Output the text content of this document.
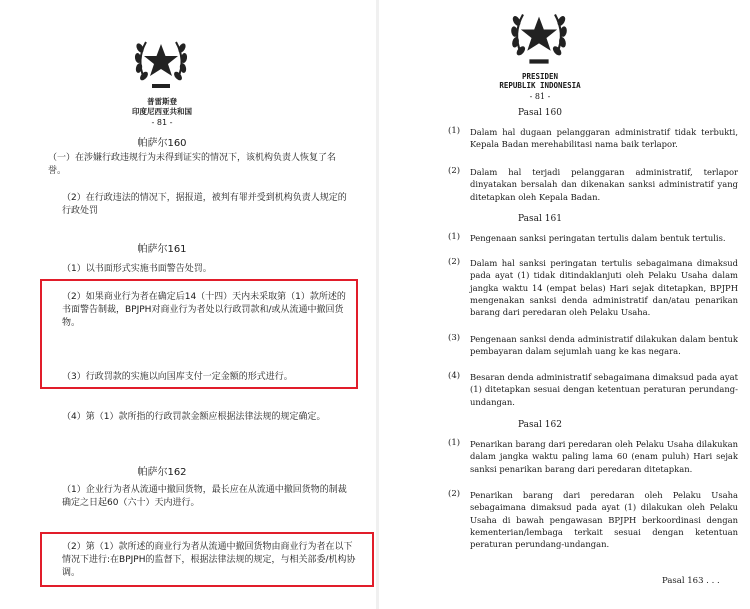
普雷斯登
印度尼西亚共和国
- 81 -
帕萨尔160
（一）在涉嫌行政违规行为未得到证实的情况下，该机构负责人恢复了名誉。
（2）在行政违法的情况下，据报道，被判有罪并受到机构负责人规定的行政处罚
帕萨尔161
（1）以书面形式实施书面警告处罚。
（2）如果商业行为者在确定后14（十四）天内未采取第（1）款所述的书面警告制裁，BPJPH对商业行为者处以行政罚款和/或从流通中撤回货物。
（3）行政罚款的实施以向国库支付一定金额的形式进行。
（4）第（1）款所指的行政罚款金额应根据法律法规的规定确定。
帕萨尔162
（1）企业行为者从流通中撤回货物，最长应在从流通中撤回货物的制裁确定之日起60（六十）天内进行。
（2）第（1）款所述的商业行为者从流通中撤回货物由商业行为者在以下情况下进行:在BPJPH的监督下，根据法律法规的规定，与相关部委/机构协调。
PRESIDEN
REPUBLIK INDONESIA
- 81 -
Pasal 160
(1) Dalam hal dugaan pelanggaran administratif tidak terbukti, Kepala Badan merehabilitasi nama baik terlapor.
(2) Dalam hal terjadi pelanggaran administratif, terlapor dinyatakan bersalah dan dikenakan sanksi administratif yang ditetapkan oleh Kepala Badan.
Pasal 161
(1) Pengenaan sanksi peringatan tertulis dalam bentuk tertulis.
(2) Dalam hal sanksi peringatan tertulis sebagaimana dimaksud pada ayat (1) tidak ditindaklanjuti oleh Pelaku Usaha dalam jangka waktu 14 (empat belas) Hari sejak ditetapkan, BPJPH mengenakan sanksi denda administratif dan/atau penarikan barang dari peredaran oleh Pelaku Usaha.
(3) Pengenaan sanksi denda administratif dilakukan dalam bentuk pembayaran dalam sejumlah uang ke kas negara.
(4) Besaran denda administratif sebagaimana dimaksud pada ayat (1) ditetapkan sesuai dengan ketentuan peraturan perundang-undangan.
Pasal 162
(1) Penarikan barang dari peredaran oleh Pelaku Usaha dilakukan dalam jangka waktu paling lama 60 (enam puluh) Hari sejak sanksi penarikan barang dari peredaran ditetapkan.
(2) Penarikan barang dari peredaran oleh Pelaku Usaha sebagaimana dimaksud pada ayat (1) dilakukan oleh Pelaku Usaha di bawah pengawasan BPJPH berkoordinasi dengan kementerian/lembaga terkait sesuai dengan ketentuan peraturan perundang-undangan.
Pasal 163 . . .
